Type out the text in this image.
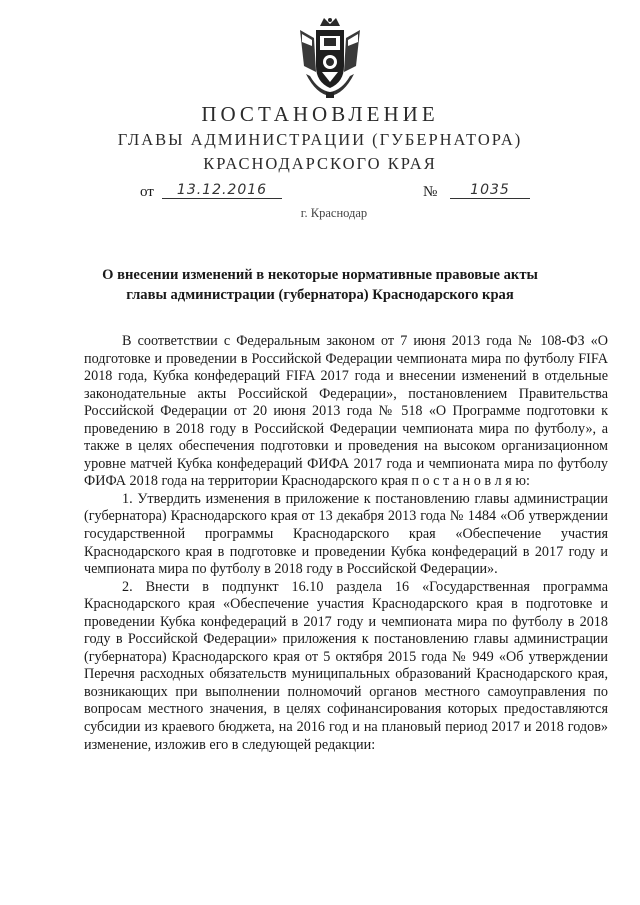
ПОСТАНОВЛЕНИЕ
ГЛАВЫ АДМИНИСТРАЦИИ (ГУБЕРНАТОРА)
КРАСНОДАРСКОГО КРАЯ
от	13.12.2016	№	1035
г. Краснодар
О внесении изменений в некоторые нормативные правовые акты
главы администрации (губернатора) Краснодарского края

В соответствии с Федеральным законом от 7 июня 2013 года № 108-ФЗ «О подготовке и проведении в Российской Федерации чемпионата мира по футболу FIFA 2018 года, Кубка конфедераций FIFA 2017 года и внесении изменений в отдельные законодательные акты Российской Федерации», постановлением Правительства Российской Федерации от 20 июня 2013 года № 518 «О Программе подготовки к проведению в 2018 году в Российской Федерации чемпионата мира по футболу», а также в целях обеспечения подготовки и проведения на высоком организационном уровне матчей Кубка конфедераций ФИФА 2017 года и чемпионата мира по футболу ФИФА 2018 года на территории Краснодарского края п о с т а н о в л я ю:

1. Утвердить изменения в приложение к постановлению главы администрации (губернатора) Краснодарского края от 13 декабря 2013 года № 1484 «Об утверждении государственной программы Краснодарского края «Обеспечение участия Краснодарского края в подготовке и проведении Кубка конфедераций в 2017 году и чемпионата мира по футболу в 2018 году в Российской Федерации».

2. Внести в подпункт 16.10 раздела 16 «Государственная программа Краснодарского края «Обеспечение участия Краснодарского края в подготовке и проведении Кубка конфедераций в 2017 году и чемпионата мира по футболу в 2018 году в Российской Федерации» приложения к постановлению главы администрации (губернатора) Краснодарского края от 5 октября 2015 года № 949 «Об утверждении Перечня расходных обязательств муниципальных образований Краснодарского края, возникающих при выполнении полномочий органов местного самоуправления по вопросам местного значения, в целях софинансирования которых предоставляются субсидии из краевого бюджета, на 2016 год и на плановый период 2017 и 2018 годов» изменение, изложив его в следующей редакции:
